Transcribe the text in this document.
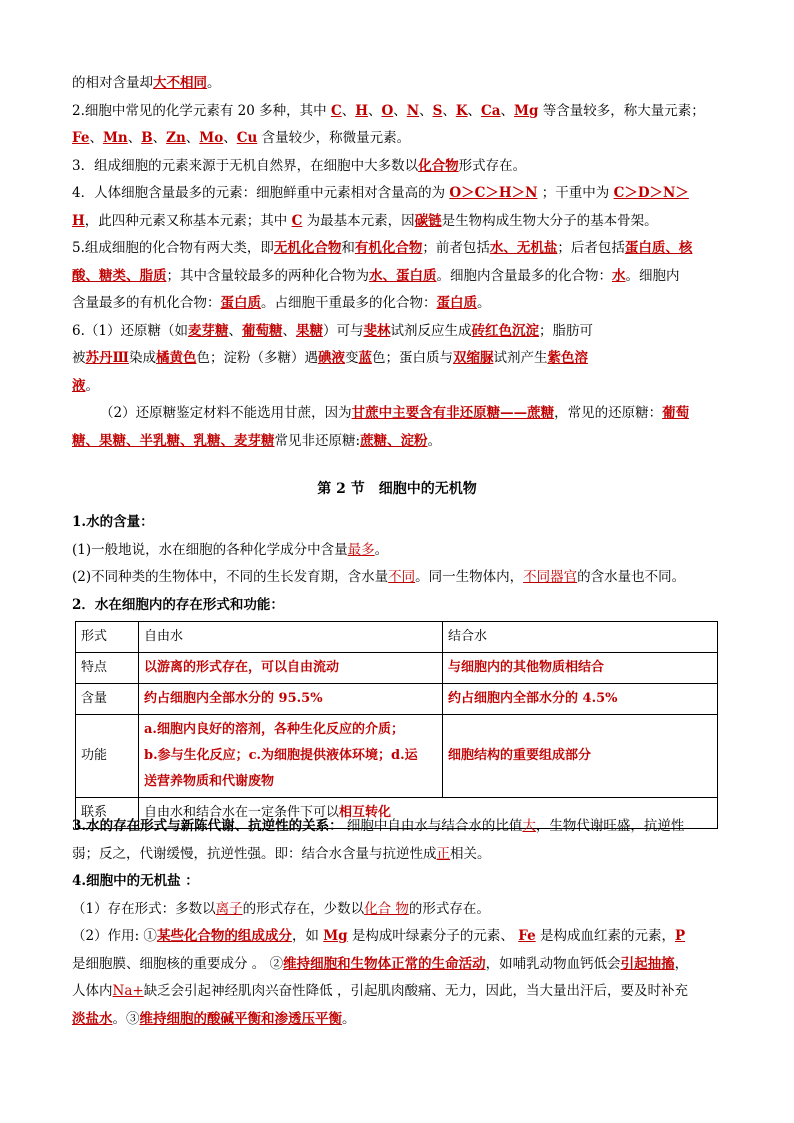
的相对含量却大不相同。

2.细胞中常见的化学元素有 20 多种，其中 C、H、O、N、S、K、Ca、Mg 等含量较多，称大量元素；

Fe、Mn、B、Zn、Mo、Cu 含量较少，称微量元素。

3．组成细胞的元素来源于无机自然界，在细胞中大多数以化合物形式存在。

4．人体细胞含量最多的元素：细胞鲜重中元素相对含量高的为 O＞C＞H＞N ；干重中为 C＞D＞N＞

H，此四种元素又称基本元素；其中 C 为最基本元素，因碳链是生物构成生物大分子的基本骨架。

5.组成细胞的化合物有两大类，即无机化合物和有机化合物；前者包括水、无机盐；后者包括蛋白质、核

酸、糖类、脂质；其中含量较最多的两种化合物为水、蛋白质。细胞内含量最多的化合物：水。细胞内

含量最多的有机化合物：蛋白质。占细胞干重最多的化合物：蛋白质。

6.（1）还原糖（如麦芽糖、葡萄糖、果糖）可与斐林试剂反应生成砖红色沉淀；脂肪可

被苏丹Ⅲ染成橘黄色色；淀粉（多糖）遇碘液变蓝色；蛋白质与双缩脲试剂产生紫色溶

液。

（2）还原糖鉴定材料不能选用甘蔗，因为甘蔗中主要含有非还原糖——蔗糖，常见的还原糖：葡萄

糖、果糖、半乳糖、乳糖、麦芽糖常见非还原糖:蔗糖、淀粉。

第 2 节　细胞中的无机物

1.水的含量：

(1)一般地说，水在细胞的各种化学成分中含量最多。

(2)不同种类的生物体中，不同的生长发育期，含水量不同。同一生物体内，不同器官的含水量也不同。

2．水在细胞内的存在形式和功能：

形式	自由水	结合水
特点	以游离的形式存在，可以自由流动	与细胞内的其他物质相结合
含量	约占细胞内全部水分的 95.5%	约占细胞内全部水分的 4.5%
功能	a.细胞内良好的溶剂，各种生化反应的介质；
b.参与生化反应；c.为细胞提供液体环境；d.运
送营养物质和代谢废物	细胞结构的重要组成部分
联系	自由水和结合水在一定条件下可以相互转化	

3.水的存在形式与新陈代谢、抗逆性的关系： 细胞中自由水与结合水的比值大，生物代谢旺盛，抗逆性

弱；反之，代谢缓慢，抗逆性强。即：结合水含量与抗逆性成正相关。

4.细胞中的无机盐 ：

（1）存在形式：多数以离子的形式存在，少数以化合 物的形式存在。

（2）作用: ①某些化合物的组成成分，如 Mg 是构成叶绿素分子的元素、 Fe 是构成血红素的元素，P

是细胞膜、细胞核的重要成分 。 ②维持细胞和生物体正常的生命活动，如哺乳动物血钙低会引起抽搐，

人体内Na+缺乏会引起神经肌肉兴奋性降低 ，引起肌肉酸痛、无力，因此，当大量出汗后，要及时补充

淡盐水。③维持细胞的酸碱平衡和渗透压平衡。
